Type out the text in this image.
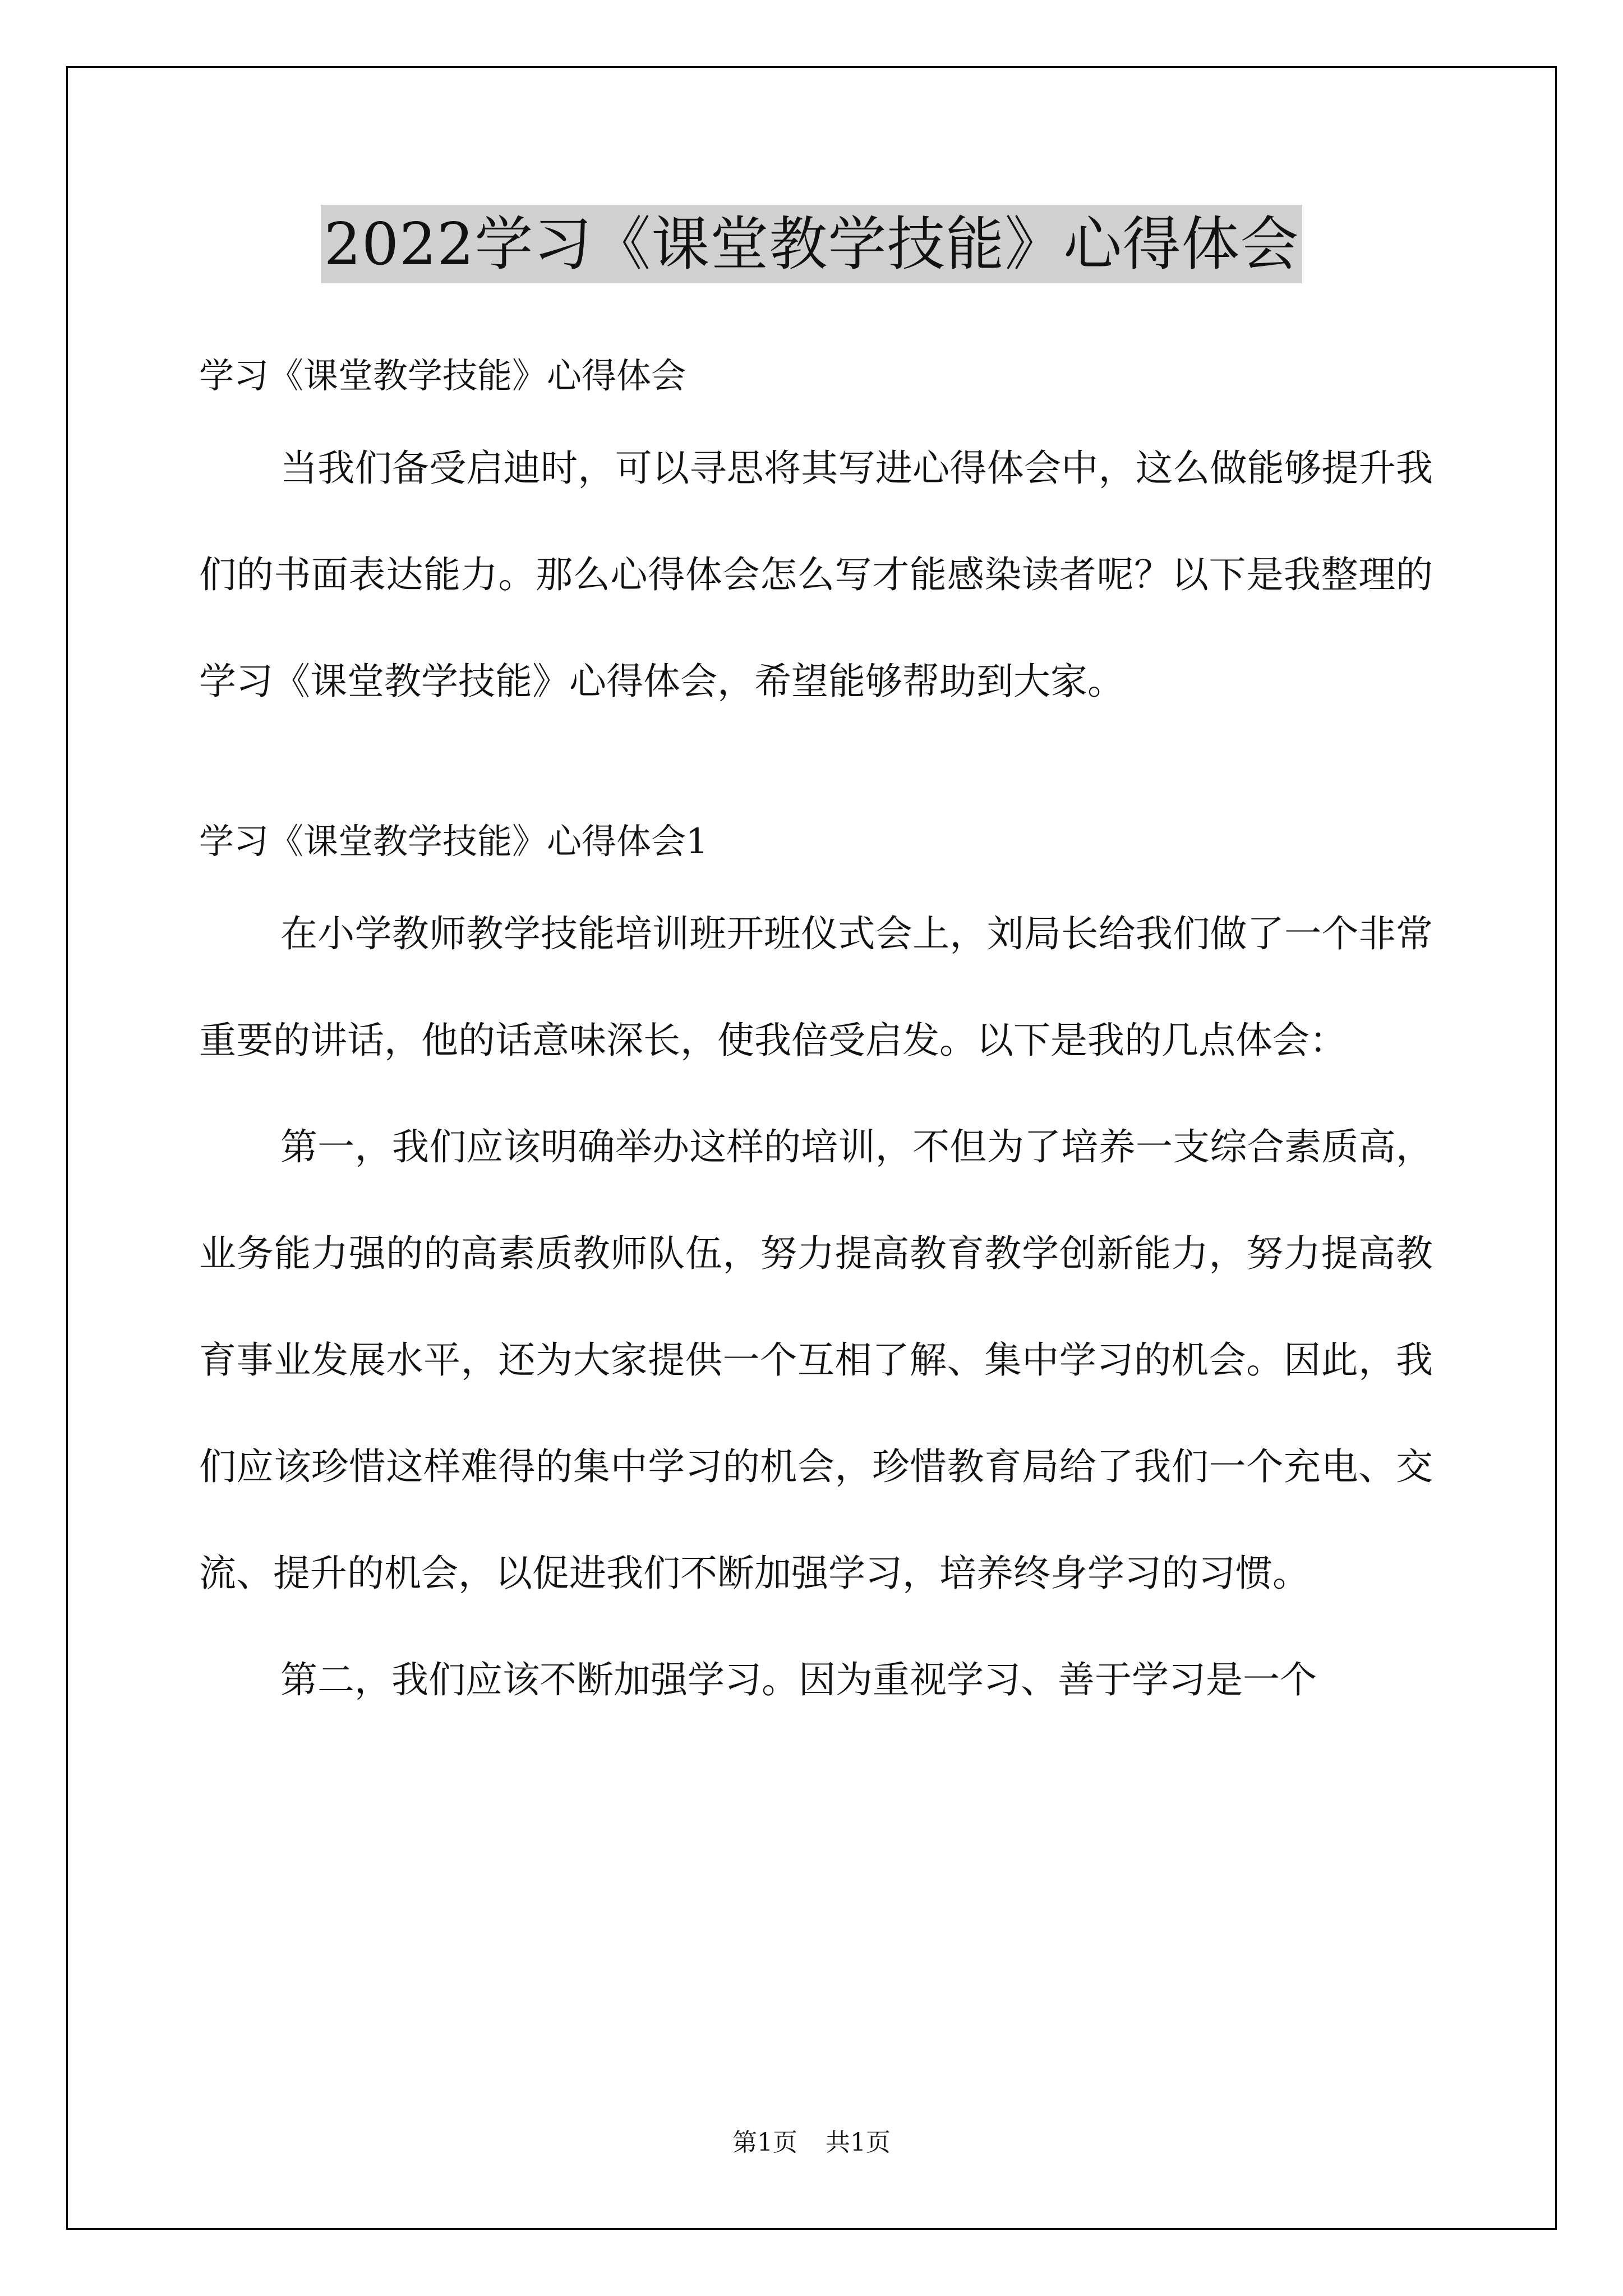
2022学习《课堂教学技能》心得体会

学习《课堂教学技能》心得体会

当我们备受启迪时，可以寻思将其写进心得体会中，这么做能够提升我们的书面表达能力。那么心得体会怎么写才能感染读者呢？以下是我整理的学习《课堂教学技能》心得体会，希望能够帮助到大家。

学习《课堂教学技能》心得体会1

在小学教师教学技能培训班开班仪式会上，刘局长给我们做了一个非常重要的讲话，他的话意味深长，使我倍受启发。以下是我的几点体会：

第一，我们应该明确举办这样的培训，不但为了培养一支综合素质高，业务能力强的的高素质教师队伍，努力提高教育教学创新能力，努力提高教育事业发展水平，还为大家提供一个互相了解、集中学习的机会。因此，我们应该珍惜这样难得的集中学习的机会，珍惜教育局给了我们一个充电、交流、提升的机会，以促进我们不断加强学习，培养终身学习的习惯。

第二，我们应该不断加强学习。因为重视学习、善于学习是一个

第1页 共1页
